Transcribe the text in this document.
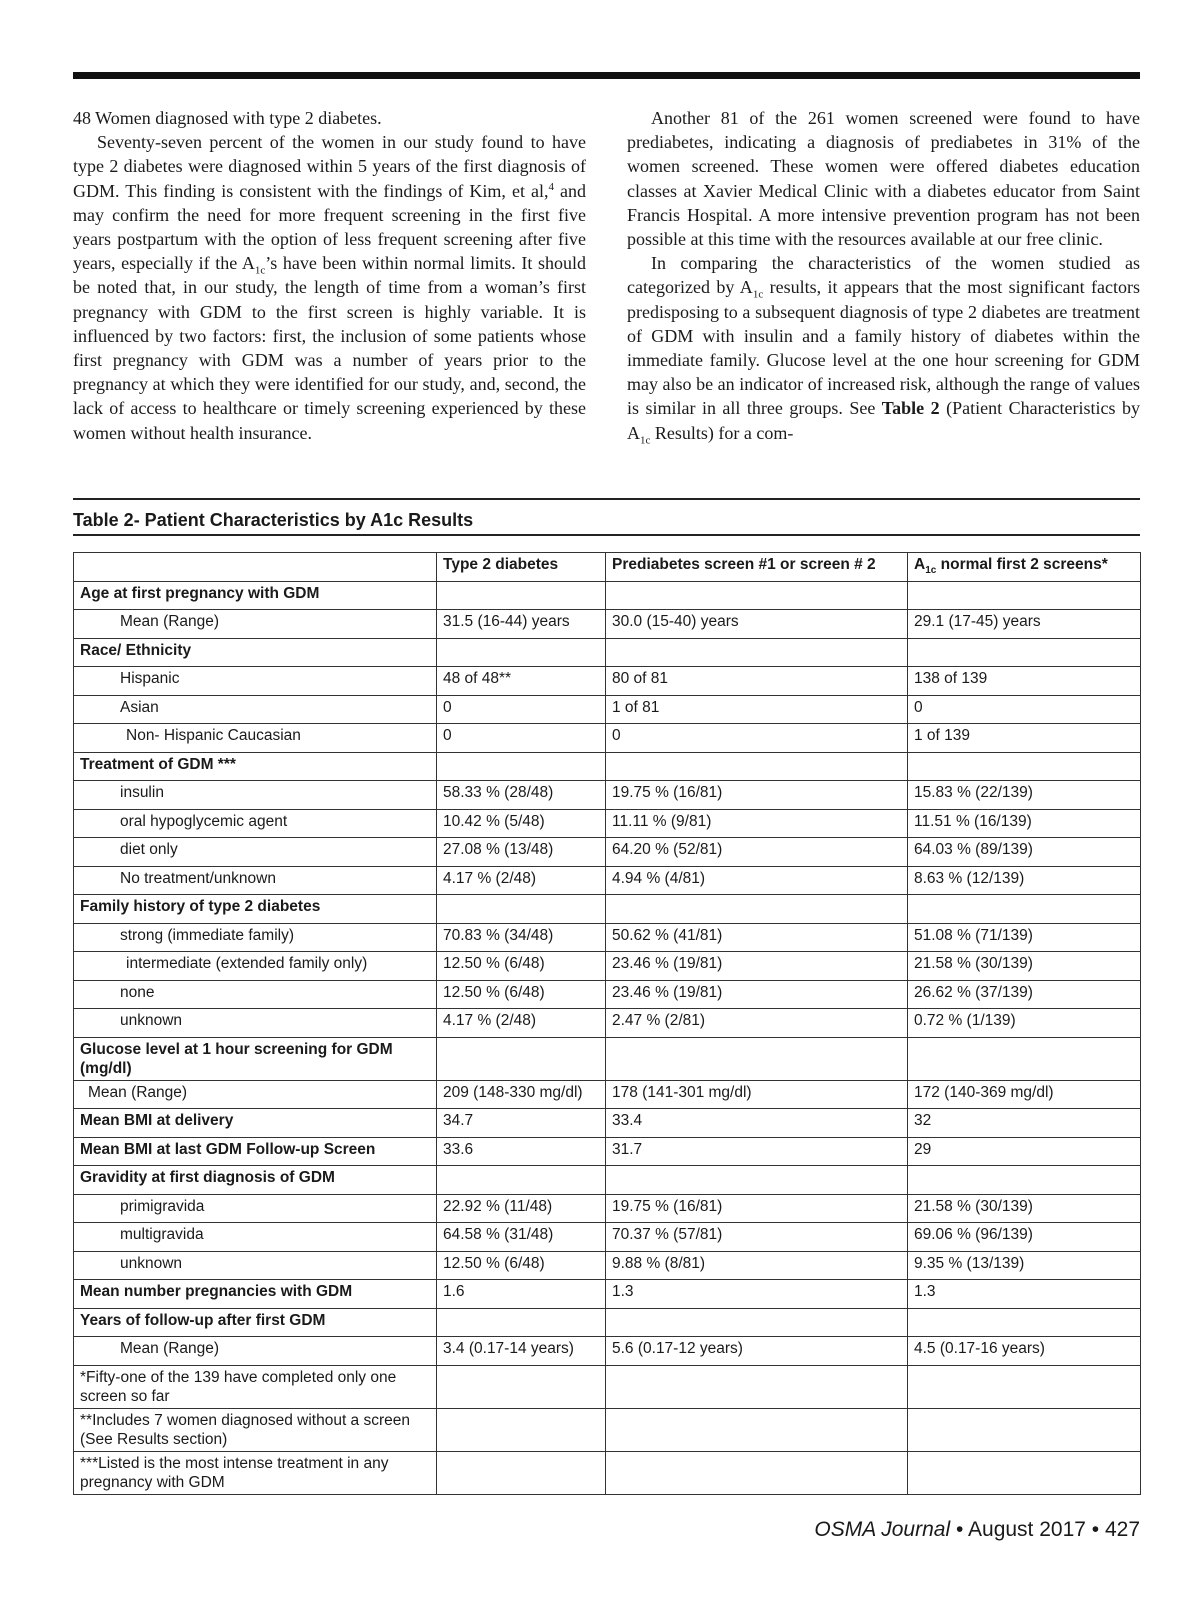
48 Women diagnosed with type 2 diabetes.

Seventy-seven percent of the women in our study found to have type 2 diabetes were diagnosed within 5 years of the first diagnosis of GDM. This finding is consistent with the findings of Kim, et al,$^4$ and may confirm the need for more frequent screening in the first five years postpartum with the option of less frequent screening after five years, especially if the $A_{1c}’s$ have been within normal limits. It should be noted that, in our study, the length of time from a woman’s first pregnancy with GDM to the first screen is highly variable. It is influenced by two factors: first, the inclusion of some patients whose first pregnancy with GDM was a number of years prior to the pregnancy at which they were identified for our study, and, second, the lack of access to healthcare or timely screening experienced by these women without health insurance.

Another 81 of the 261 women screened were found to have prediabetes, indicating a diagnosis of prediabetes in 31% of the women screened. These women were offered diabetes education classes at Xavier Medical Clinic with a diabetes educator from Saint Francis Hospital. A more intensive prevention program has not been possible at this time with the resources available at our free clinic.

In comparing the characteristics of the women studied as categorized by $A_{1c}$ results, it appears that the most significant factors predisposing to a subsequent diagnosis of type 2 diabetes are treatment of GDM with insulin and a family history of diabetes within the immediate family. Glucose level at the one hour screening for GDM may also be an indicator of increased risk, although the range of values is similar in all three groups. See Table 2 (Patient Characteristics by $A_{1c}$ Results) for a com-

Table 2- Patient Characteristics by A1c Results
	Type 2 diabetes	Prediabetes screen #1 or screen # 2	$A_{1c}$ normal first 2 screens*
Age at first pregnancy with GDM			
Mean (Range)	31.5 (16-44) years	30.0 (15-40) years	29.1 (17-45) years
Race/ Ethnicity			
Hispanic	48 of 48**	80 of 81	138 of 139
Asian	0	1 of 81	0
Non- Hispanic Caucasian	0	0	1 of 139
Treatment of GDM ***			
insulin	58.33 % (28/48)	19.75 % (16/81)	15.83 % (22/139)
oral hypoglycemic agent	10.42 % (5/48)	11.11 % (9/81)	11.51 % (16/139)
diet only	27.08 % (13/48)	64.20 % (52/81)	64.03 % (89/139)
No treatment/unknown	4.17 % (2/48)	4.94 % (4/81)	8.63 % (12/139)
Family history of type 2 diabetes			
strong (immediate family)	70.83 % (34/48)	50.62 % (41/81)	51.08 % (71/139)
intermediate (extended family only)	12.50 % (6/48)	23.46 % (19/81)	21.58 % (30/139)
none	12.50 % (6/48)	23.46 % (19/81)	26.62 % (37/139)
unknown	4.17 % (2/48)	2.47 % (2/81)	0.72 % (1/139)
Glucose level at 1 hour screening for GDM (mg/dl)			
Mean (Range)	209 (148-330 mg/dl)	178 (141-301 mg/dl)	172 (140-369 mg/dl)
Mean BMI at delivery	34.7	33.4	32
Mean BMI at last GDM Follow-up Screen	33.6	31.7	29
Gravidity at first diagnosis of GDM			
primigravida	22.92 % (11/48)	19.75 % (16/81)	21.58 % (30/139)
multigravida	64.58 % (31/48)	70.37 % (57/81)	69.06 % (96/139)
unknown	12.50 % (6/48)	9.88 % (8/81)	9.35 % (13/139)
Mean number pregnancies with GDM	1.6	1.3	1.3
Years of follow-up after first GDM			
Mean (Range)	3.4 (0.17-14 years)	5.6 (0.17-12 years)	4.5 (0.17-16 years)
*Fifty-one of the 139 have completed only one screen so far			
**Includes 7 women diagnosed without a screen (See Results section)			
***Listed is the most intense treatment in any pregnancy with GDM			
OSMA Journal • August 2017 • 427
